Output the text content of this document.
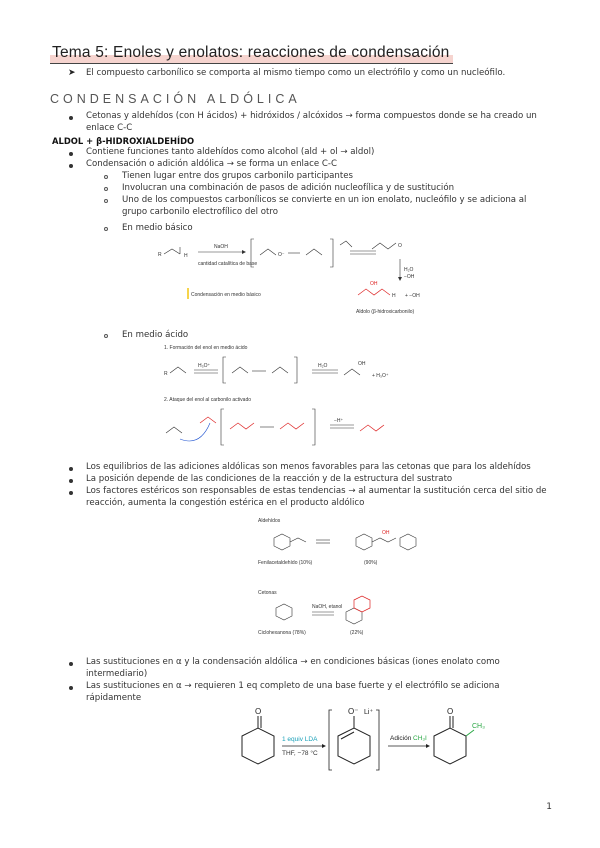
Tema 5: Enoles y enolatos: reacciones de condensación
➤ El compuesto carbonílico se comporta al mismo tiempo como un electrófilo y como un nucleófilo.
CONDENSACIÓN ALDÓLICA
Cetonas y aldehídos (con H ácidos) + hidróxidos / alcóxidos → forma compuestos donde se ha creado un enlace C-C
ALDOL + β-HIDROXIALDEHÍDO
Contiene funciones tanto aldehídos como alcohol (ald + ol → aldol)
Condensación o adición aldólica → se forma un enlace C-C
Tienen lugar entre dos grupos carbonilo participantes
Involucran una combinación de pasos de adición nucleofílica y de sustitución
Uno de los compuestos carbonílicos se convierte en un ion enolato, nucleófilo y se adiciona al grupo carbonilo electrofílico del otro
En medio básico
R	H
NaOH
cantidad catalítica de base
O⁻
O
H₂O
−OH
OH
H + −OH
Aldolo (β-hidroxicarbonilo)
Condensación en medio básico
En medio ácido
1. Formación del enol en medio ácido
R
H₃O⁺	H₂O	OH
+ H₃O⁺
2. Ataque del enol al carbonilo activado
−H⁺
Los equilibrios de las adiciones aldólicas son menos favorables para las cetonas que para los aldehídos
La posición depende de las condiciones de la reacción y de la estructura del sustrato
Los factores estéricos son responsables de estas tendencias → al aumentar la sustitución cerca del sitio de reacción, aumenta la congestión estérica en el producto aldólico
Aldehídos
Fenilacetaldehído (10%)
OH
(90%)
Cetonas
Ciclohexanona (78%)
NaOH, etanol
(22%)
Las sustituciones en α y la condensación aldólica → en condiciones básicas (iones enolato como intermediario)
Las sustituciones en α → requieren 1 eq completo de una base fuerte y el electrófilo se adiciona rápidamente
O
1 equiv LDA
THF, −78 °C
O⁻ Li⁺
Adición CH₃I
O
CH₃
1
